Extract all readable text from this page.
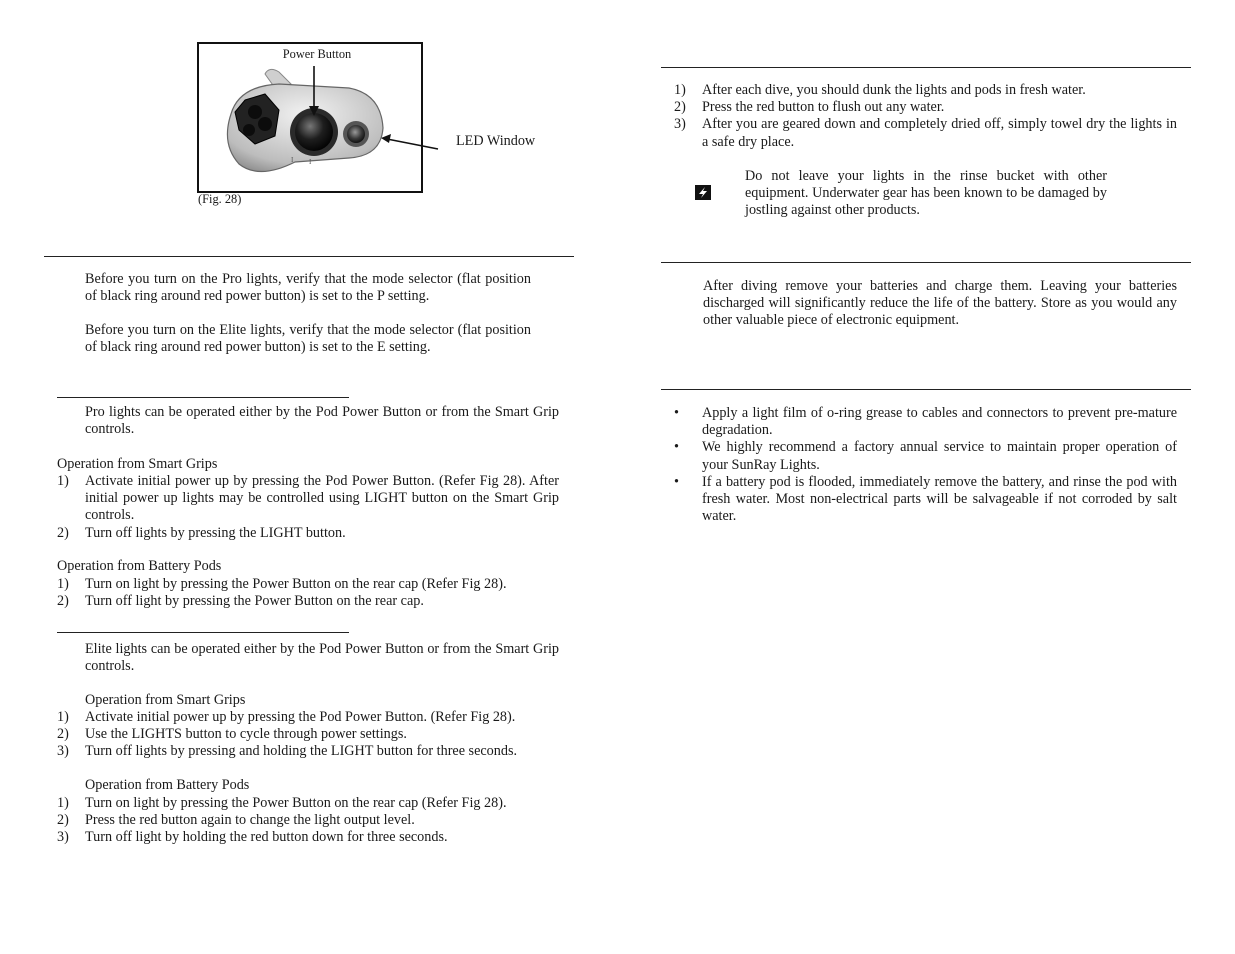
I I
Power Button
LED Window
(Fig. 28)
Before you turn on the Pro lights, verify that the mode selector (flat position of black ring around red power button) is set to the P setting.
Before you turn on the Elite lights, verify that the mode selector (flat position of black ring around red power button) is set to the E setting.
Pro lights can be operated either by the Pod Power Button or from the Smart Grip controls.
Operation from Smart Grips
1) Activate initial power up by pressing the Pod Power Button. (Refer Fig 28). After initial power up lights may be controlled using LIGHT button on the Smart Grip controls.
2) Turn off lights by pressing the LIGHT button.
Operation from Battery Pods
1) Turn on light by pressing the Power Button on the rear cap (Refer Fig 28).
2) Turn off light by pressing the Power Button on the rear cap.
Elite lights can be operated either by the Pod Power Button or from the Smart Grip controls.
Operation from Smart Grips
1) Activate initial power up by pressing the Pod Power Button. (Refer Fig 28).
2) Use the LIGHTS button to cycle through power settings.
3) Turn off lights by pressing and holding the LIGHT button for three seconds.
Operation from Battery Pods
1) Turn on light by pressing the Power Button on the rear cap (Refer Fig 28).
2) Press the red button again to change the light output level.
3) Turn off light by holding the red button down for three seconds.
1) After each dive, you should dunk the lights and pods in fresh water.
2) Press the red button to flush out any water.
3) After you are geared down and completely dried off, simply towel dry the lights in a safe dry place.
Do not leave your lights in the rinse bucket with other equipment. Underwater gear has been known to be damaged by jostling against other products.
After diving remove your batteries and charge them. Leaving your batteries discharged will significantly reduce the life of the battery. Store as you would any other valuable piece of electronic equipment.
• Apply a light film of o-ring grease to cables and connectors to prevent pre-mature degradation.
• We highly recommend a factory annual service to maintain proper operation of your SunRay Lights.
• If a battery pod is flooded, immediately remove the battery, and rinse the pod with fresh water. Most non-electrical parts will be salvageable if not corroded by salt water.
